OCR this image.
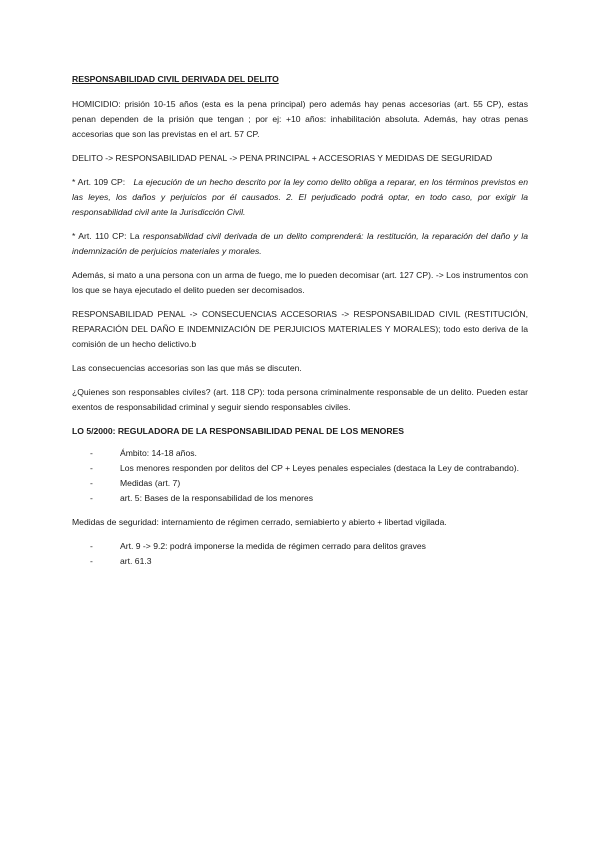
RESPONSABILIDAD CIVIL DERIVADA DEL DELITO

HOMICIDIO: prisión 10-15 años (esta es la pena principal) pero además hay penas accesorias (art. 55 CP), estas penan dependen de la prisión que tengan ; por ej: +10 años: inhabilitación absoluta. Además, hay otras penas accesorias que son las previstas en el art. 57 CP.

DELITO -> RESPONSABILIDAD PENAL -> PENA PRINCIPAL + ACCESORIAS Y MEDIDAS DE SEGURIDAD

* Art. 109 CP: La ejecución de un hecho descrito por la ley como delito obliga a reparar, en los términos previstos en las leyes, los daños y perjuicios por él causados. 2. El perjudicado podrá optar, en todo caso, por exigir la responsabilidad civil ante la Jurisdicción Civil.

* Art. 110 CP: La responsabilidad civil derivada de un delito comprenderá: la restitución, la reparación del daño y la indemnización de perjuicios materiales y morales.

Además, si mato a una persona con un arma de fuego, me lo pueden decomisar (art. 127 CP). -> Los instrumentos con los que se haya ejecutado el delito pueden ser decomisados.

RESPONSABILIDAD PENAL -> CONSECUENCIAS ACCESORIAS -> RESPONSABILIDAD CIVIL (RESTITUCIÓN, REPARACIÓN DEL DAÑO E INDEMNIZACIÓN DE PERJUICIOS MATERIALES Y MORALES); todo esto deriva de la comisión de un hecho delictivo.b

Las consecuencias accesorias son las que más se discuten.

¿Quienes son responsables civiles? (art. 118 CP): toda persona criminalmente responsable de un delito. Pueden estar exentos de responsabilidad criminal y seguir siendo responsables civiles.

LO 5/2000: REGULADORA DE LA RESPONSABILIDAD PENAL DE LOS MENORES

-	Ámbito: 14-18 años.
-	Los menores responden por delitos del CP + Leyes penales especiales (destaca la Ley de contrabando).
-	Medidas (art. 7)
-	art. 5: Bases de la responsabilidad de los menores

Medidas de seguridad: internamiento de régimen cerrado, semiabierto y abierto + libertad vigilada.

-	Art. 9 -> 9.2: podrá imponerse la medida de régimen cerrado para delitos graves
-	art. 61.3
